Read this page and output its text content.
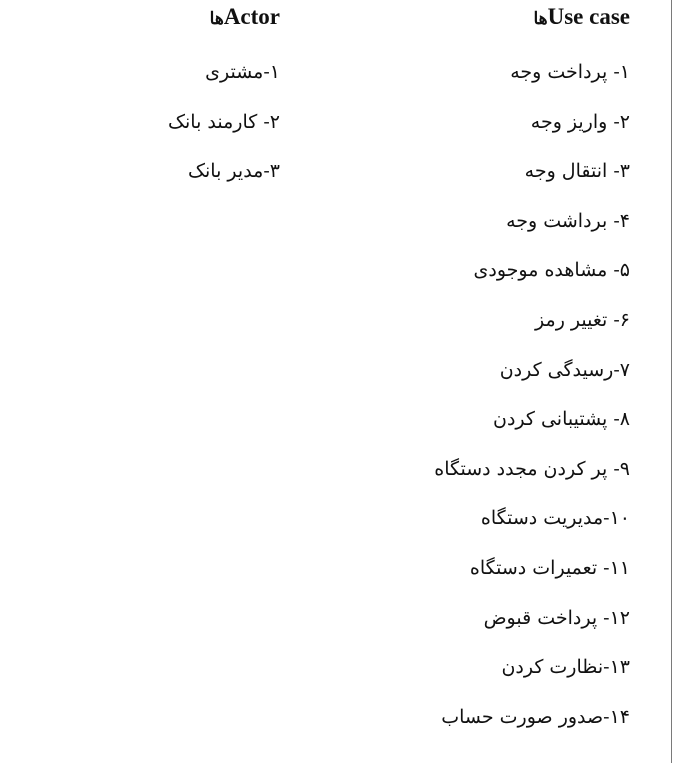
Use caseها
۱- پرداخت وجه
۲- واریز وجه
۳- انتقال وجه
۴- برداشت وجه
۵- مشاهده موجودی
۶- تغییر رمز
۷-رسیدگی کردن
۸- پشتیبانی کردن
۹- پر کردن مجدد دستگاه
۱۰-مدیریت دستگاه
۱۱- تعمیرات دستگاه
۱۲- پرداخت قبوض
۱۳-نظارت کردن
۱۴-صدور صورت حساب
Actorها
۱-مشتری
۲- کارمند بانک
۳-مدیر بانک
